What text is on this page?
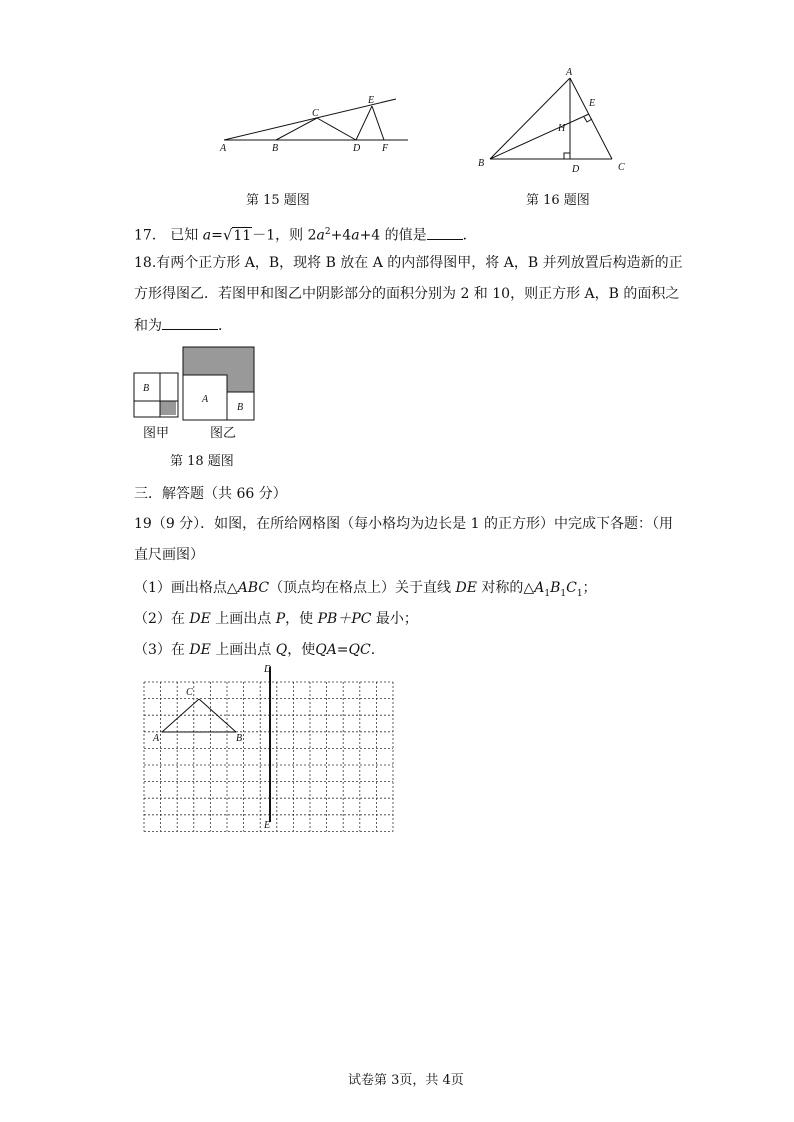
A	B
C
D
E
F
第 15 题图
A
E
H
B
D	C
第 16 题图
17． 已知 a=√11－1，则 $2a^2+4a+4$ 的值是	．
18.有两个正方形 A，B，现将 B 放在 A 的内部得图甲，将 A，B 并列放置后构造新的正
方形得图乙．若图甲和图乙中阴影部分的面积分别为 2 和 10，则正方形 A，B 的面积之
和为	．
B
A
B
图甲	图乙
第 18 题图
三．解答题（共 66 分）
19（9 分）．如图，在所给网格图（每小格均为边长是 1 的正方形）中完成下各题：（用
直尺画图）
（1）画出格点△ABC（顶点均在格点上）关于直线 DE 对称的$\triangle A_1B_1C_1$；
（2）在 DE 上画出点 P，使 PB＋PC 最小；
（3）在 DE 上画出点 Q，使QA=QC.
D
E
C
A	B
试卷第 3页，共 4页
